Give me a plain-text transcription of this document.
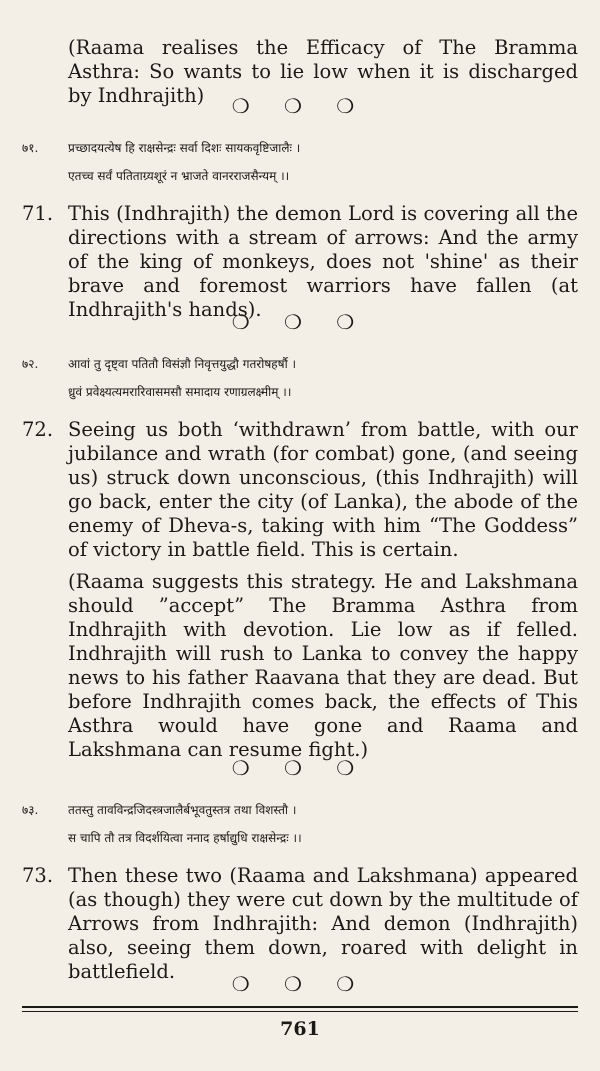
(Raama realises the Efficacy of The Bramma Asthra: So wants to lie low when it is discharged by Indhrajith)	❍ ❍ ❍
७१. प्रच्छादयत्येष हि राक्षसेन्द्रः सर्वा दिशः सायकवृष्टिजालैः ।
एतच्च सर्वं पतिताग्र्यशूरं न भ्राजते वानरराजसैन्यम् ।।
71. This (Indhrajith) the demon Lord is covering all the directions with a stream of arrows: And the army of the king of monkeys, does not 'shine' as their brave and foremost warriors have fallen (at Indhrajith's hands).
❍ ❍ ❍
७२. आवां तु दृष्ट्वा पतितौ विसंज्ञौ निवृत्तयुद्धौ गतरोषहर्षौ ।
ध्रुवं प्रवेक्ष्यत्यमरारिवासमसौ समादाय रणाग्रलक्ष्मीम् ।।
72. Seeing us both ‘withdrawn’ from battle, with our jubilance and wrath (for combat) gone, (and seeing us) struck down unconscious, (this Indhrajith) will go back, enter the city (of Lanka), the abode of the enemy of Dheva-s, taking with him “The Goddess” of victory in battle field. This is certain.
(Raama suggests this strategy. He and Lakshmana should ”accept” The Bramma Asthra from Indhrajith with devotion. Lie low as if felled. Indhrajith will rush to Lanka to convey the happy news to his father Raavana that they are dead. But before Indhrajith comes back, the effects of This Asthra would have gone and Raama and Lakshmana can resume fight.)
❍ ❍ ❍
७३. ततस्तु तावविन्द्रजिदस्त्रजालैर्बभूवतुस्तत्र तथा विशस्तौ ।
स चापि तौ तत्र विदर्शयित्वा ननाद हर्षाद्युधि राक्षसेन्द्रः ।।
73. Then these two (Raama and Lakshmana) appeared (as though) they were cut down by the multitude of Arrows from Indhrajith: And demon (Indhrajith) also, seeing them down, roared with delight in battlefield.
❍ ❍ ❍
761
